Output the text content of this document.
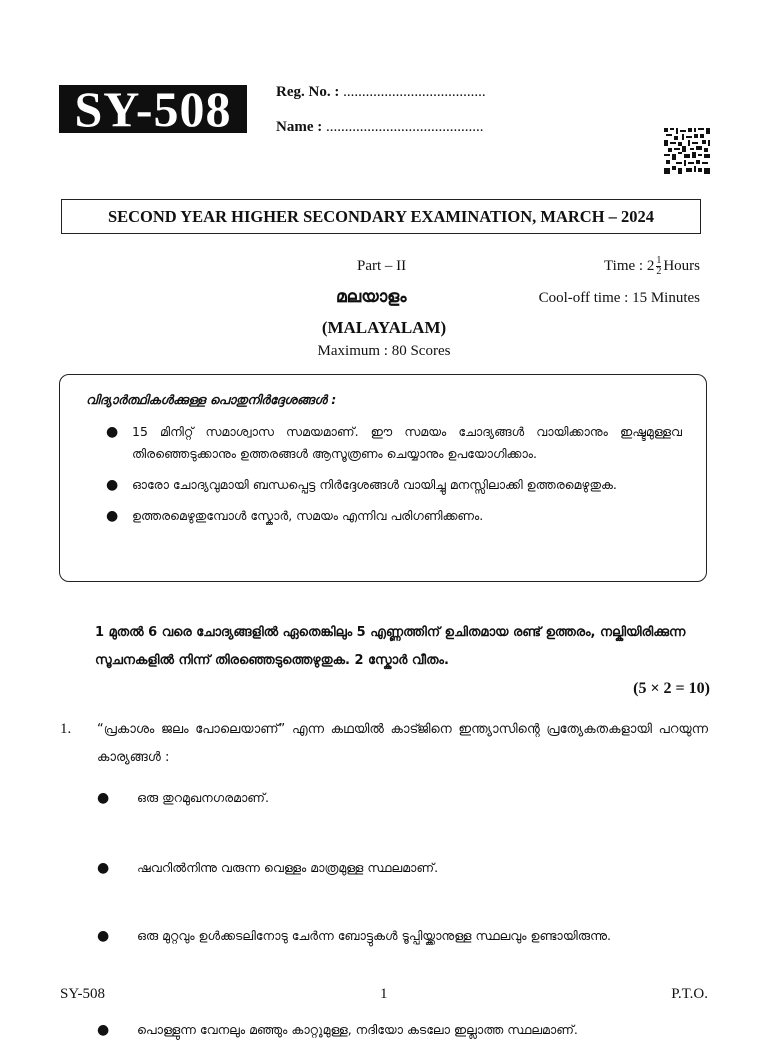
SY-508	Reg. No. : ......................................
Name : ..........................................
SECOND YEAR HIGHER SECONDARY EXAMINATION, MARCH – 2024
Part – II	Time : $2 \frac{1}{2}$ Hours
മലയാളം	Cool-off time : 15 Minutes
(MALAYALAM)
Maximum : 80 Scores
വിദ്യാർത്ഥികൾക്കുള്ള പൊതുനിർദ്ദേശങ്ങൾ :
● 15 മിനിറ്റ് സമാശ്വാസ സമയമാണ്. ഈ സമയം ചോദ്യങ്ങൾ വായിക്കാനും ഇഷ്ടമുള്ളവ തിരഞ്ഞെടുക്കാനും ഉത്തരങ്ങൾ ആസൂത്രണം ചെയ്യാനും ഉപയോഗിക്കാം.
● ഓരോ ചോദ്യവുമായി ബന്ധപ്പെട്ട നിർദ്ദേശങ്ങൾ വായിച്ചു മനസ്സിലാക്കി ഉത്തരമെഴുതുക.
● ഉത്തരമെഴുതുമ്പോൾ സ്കോർ, സമയം എന്നിവ പരിഗണിക്കണം.
1 മുതൽ 6 വരെ ചോദ്യങ്ങളിൽ ഏതെങ്കിലും 5 എണ്ണത്തിന് ഉചിതമായ രണ്ട് ഉത്തരം, നല്കിയിരിക്കുന്ന സൂചനകളിൽ നിന്ന് തിരഞ്ഞെടുത്തെഴുതുക. 2 സ്കോർ വീതം.
(5 × 2 = 10)
1. “പ്രകാശം ജലം പോലെയാണ്” എന്ന കഥയിൽ കാട്ജിനെ ഇന്ത്യാസിന്റെ പ്രത്യേകതകളായി പറയുന്ന കാര്യങ്ങൾ :
● ഒരു തുറമുഖനഗരമാണ്.
● ഷവറിൽനിന്നു വരുന്ന വെള്ളം മാത്രമുള്ള സ്ഥലമാണ്.
● ഒരു മുറ്റവും ഉൾക്കടലിനോടു ചേർന്ന ബോട്ടുകൾ ടൂപ്പിയ്ക്കാനുള്ള സ്ഥലവും ഉണ്ടായിരുന്നു.
● പൊള്ളുന്ന വേനലും മഞ്ഞും കാറ്റുമുള്ള, നദിയോ കടലോ ഇല്ലാത്ത സ്ഥലമാണ്.
SY-508	1	P.T.O.
